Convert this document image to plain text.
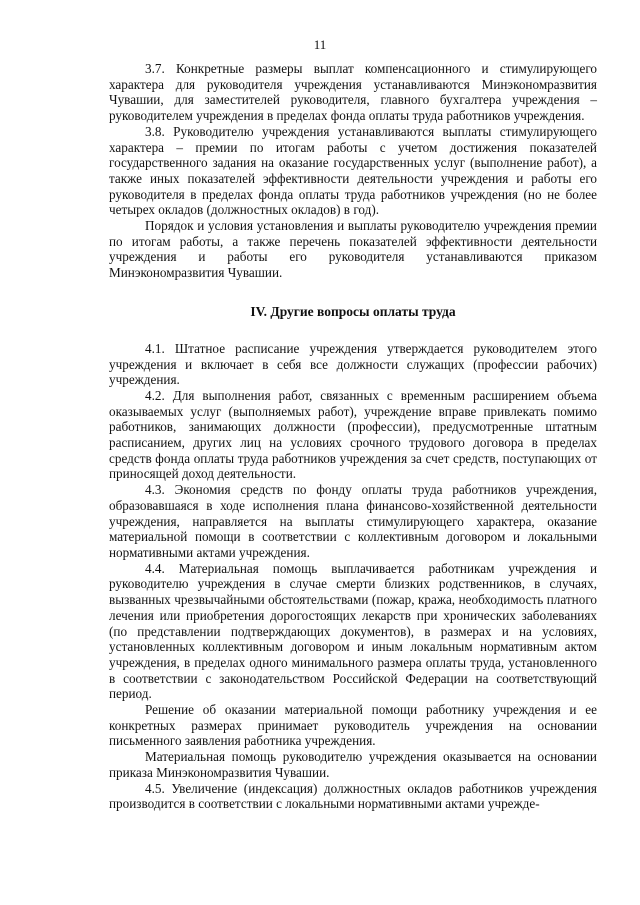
11

3.7. Конкретные размеры выплат компенсационного и стимулирующего характера для руководителя учреждения устанавливаются Минэкономразвития Чувашии, для заместителей руководителя, главного бухгалтера учреждения – руководителем учреждения в пределах фонда оплаты труда работников учреждения.

3.8. Руководителю учреждения устанавливаются выплаты стимулирующего характера – премии по итогам работы с учетом достижения показателей государственного задания на оказание государственных услуг (выполнение работ), а также иных показателей эффективности деятельности учреждения и работы его руководителя в пределах фонда оплаты труда работников учреждения (но не более четырех окладов (должностных окладов) в год).

Порядок и условия установления и выплаты руководителю учреждения премии по итогам работы, а также перечень показателей эффективности деятельности учреждения и работы его руководителя устанавливаются приказом Минэкономразвития Чувашии.

IV. Другие вопросы оплаты труда

4.1. Штатное расписание учреждения утверждается руководителем этого учреждения и включает в себя все должности служащих (профессии рабочих) учреждения.

4.2. Для выполнения работ, связанных с временным расширением объема оказываемых услуг (выполняемых работ), учреждение вправе привлекать помимо работников, занимающих должности (профессии), предусмотренные штатным расписанием, других лиц на условиях срочного трудового договора в пределах средств фонда оплаты труда работников учреждения за счет средств, поступающих от приносящей доход деятельности.

4.3. Экономия средств по фонду оплаты труда работников учреждения, образовавшаяся в ходе исполнения плана финансово-хозяйственной деятельности учреждения, направляется на выплаты стимулирующего характера, оказание материальной помощи в соответствии с коллективным договором и локальными нормативными актами учреждения.

4.4. Материальная помощь выплачивается работникам учреждения и руководителю учреждения в случае смерти близких родственников, в случаях, вызванных чрезвычайными обстоятельствами (пожар, кража, необходимость платного лечения или приобретения дорогостоящих лекарств при хронических заболеваниях (по представлении подтверждающих документов), в размерах и на условиях, установленных коллективным договором и иным локальным нормативным актом учреждения, в пределах одного минимального размера оплаты труда, установленного в соответствии с законодательством Российской Федерации на соответствующий период.

Решение об оказании материальной помощи работнику учреждения и ее конкретных размерах принимает руководитель учреждения на основании письменного заявления работника учреждения.

Материальная помощь руководителю учреждения оказывается на основании приказа Минэкономразвития Чувашии.

4.5. Увеличение (индексация) должностных окладов работников учреждения производится в соответствии с локальными нормативными актами учрежде-
